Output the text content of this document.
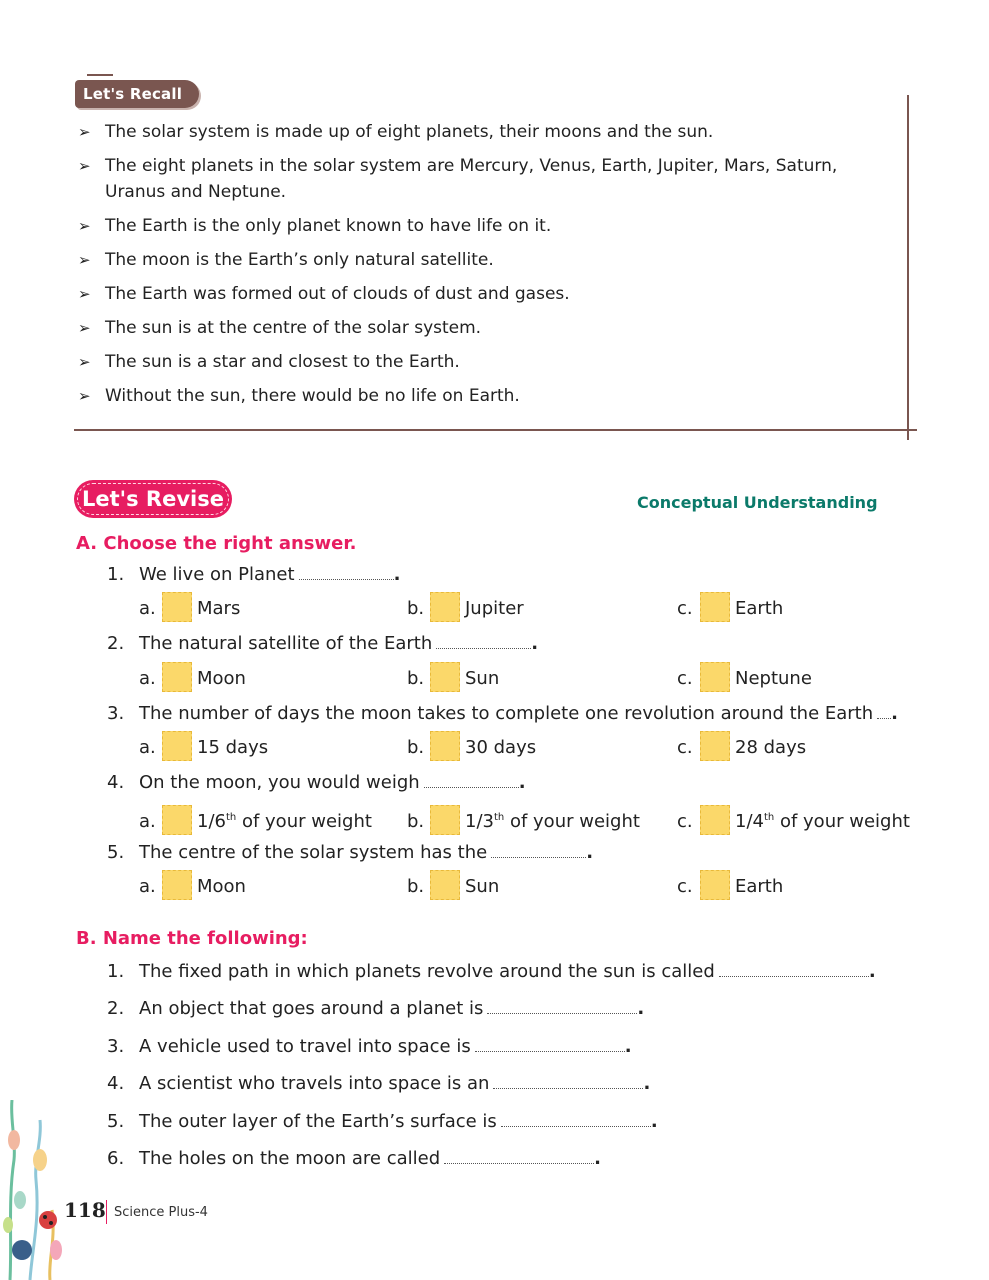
Let's Recall
➢ The solar system is made up of eight planets, their moons and the sun.
➢ The eight planets in the solar system are Mercury, Venus, Earth, Jupiter, Mars, Saturn,
Uranus and Neptune.
➢ The Earth is the only planet known to have life on it.
➢ The moon is the Earth’s only natural satellite.
➢ The Earth was formed out of clouds of dust and gases.
➢ The sun is at the centre of the solar system.
➢ The sun is a star and closest to the Earth.
➢ Without the sun, there would be no life on Earth.
Let's Revise	Conceptual Understanding
A. Choose the right answer.
1. We live on Planet	.
a. Mars	b. Jupiter	c. Earth
2. The natural satellite of the Earth	.
a. Moon	b. Sun	c. Neptune
3. The number of days the moon takes to complete one revolution around the Earth .
a. 15 days	b. 30 days	c. 28 days
4. On the moon, you would weigh	.
a. 1/6th of your weight b. 1/3th of your weight c. 1/4th of your weight
5. The centre of the solar system has the	.
a. Moon	b. Sun	c. Earth
B. Name the following:
1. The fixed path in which planets revolve around the sun is called	.
2. An object that goes around a planet is	.
3. A vehicle used to travel into space is	.
4. A scientist who travels into space is an	.
5. The outer layer of the Earth’s surface is	.
6. The holes on the moon are called	.
118 Science Plus-4
